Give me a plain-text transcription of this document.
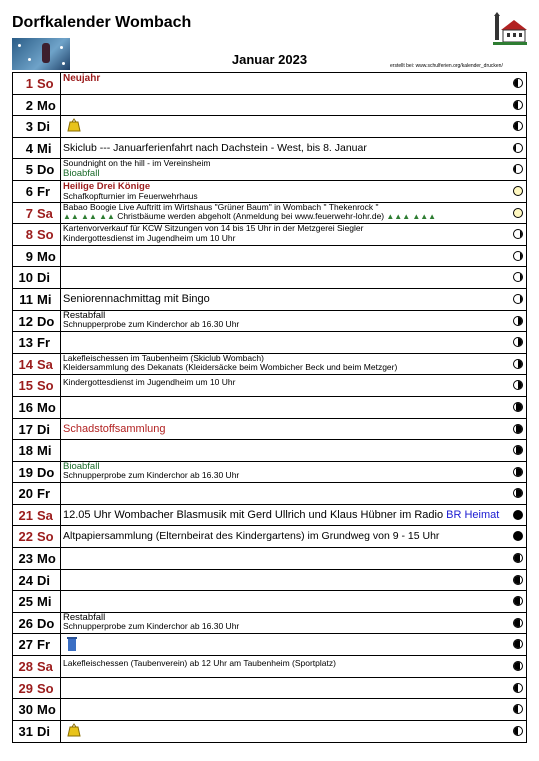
Dorfkalender Wombach
Januar 2023	erstellt bei: www.schulferien.org/kalender_drucken/
1 So Neujahr
2 Mo
3 Di
4 Mi	Skiclub --- Januarferienfahrt nach Dachstein - West, bis 8. Januar
5 Do	Soundnight on the hill - im Vereinsheim
Bioabfall
6 Fr	Heilige Drei Könige
Schafkopfturnier im Feuerwehrhaus
7 Sa	Babao Boogie Live Auftritt im Wirtshaus "Grüner Baum" in Wombach " Thekenrock "
▲▲ ▲▲ ▲▲ Christbäume werden abgeholt (Anmeldung bei www.feuerwehr-lohr.de) ▲▲▲ ▲▲▲
8 So	Kartenvorverkauf für KCW Sitzungen von 14 bis 15 Uhr in der Metzgerei Siegler
Kindergottesdienst im Jugendheim um 10 Uhr
9 Mo
10 Di
11 Mi	Seniorennachmittag mit Bingo
12 Do Restabfall
Schnupperprobe zum Kinderchor ab 16.30 Uhr
13 Fr
14 Sa	Lakefleischessen im Taubenheim (Skiclub Wombach)
Kleidersammlung des Dekanats (Kleidersäcke beim Wombicher Beck und beim Metzger)
15 So	Kindergottesdienst im Jugendheim um 10 Uhr
16 Mo
17 Di	Schadstoffsammlung
18 Mi
19 Do Bioabfall
Schnupperprobe zum Kinderchor ab 16.30 Uhr
20 Fr
21 Sa 12.05 Uhr Wombacher Blasmusik mit Gerd Ullrich und Klaus Hübner im Radio BR Heimat
22 So Altpapiersammlung (Elternbeirat des Kindergartens) im Grundweg von 9 - 15 Uhr
23 Mo
24 Di
25 Mi
26 Do Restabfall
Schnupperprobe zum Kinderchor ab 16.30 Uhr
27 Fr
28 Sa	Lakefleischessen (Taubenverein) ab 12 Uhr am Taubenheim (Sportplatz)
29 So
30 Mo
31 Di
